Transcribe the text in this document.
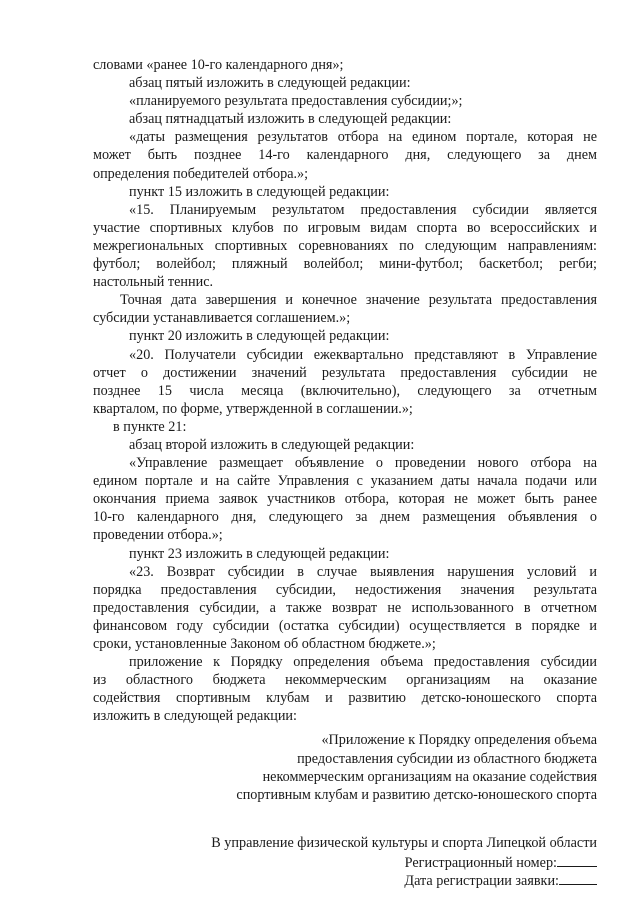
словами «ранее 10-го календарного дня»;
абзац пятый изложить в следующей редакции:
«планируемого результата предоставления субсидии;»;
абзац пятнадцатый изложить в следующей редакции:
«даты размещения результатов отбора на едином портале, которая не
может быть позднее 14-го календарного дня, следующего за днем
определения победителей отбора.»;
пункт 15 изложить в следующей редакции:
«15. Планируемым результатом предоставления субсидии является
участие спортивных клубов по игровым видам спорта во всероссийских и
межрегиональных спортивных соревнованиях по следующим направлениям:
футбол; волейбол; пляжный волейбол; мини-футбол; баскетбол; регби;
настольный теннис.
Точная дата завершения и конечное значение результата предоставления
субсидии устанавливается соглашением.»;
пункт 20 изложить в следующей редакции:
«20. Получатели субсидии ежеквартально представляют в Управление
отчет о достижении значений результата предоставления субсидии не
позднее 15 числа месяца (включительно), следующего за отчетным
кварталом, по форме, утвержденной в соглашении.»;
в пункте 21:
абзац второй изложить в следующей редакции:
«Управление размещает объявление о проведении нового отбора на
едином портале и на сайте Управления с указанием даты начала подачи или
окончания приема заявок участников отбора, которая не может быть ранее
10-го календарного дня, следующего за днем размещения объявления о
проведении отбора.»;
пункт 23 изложить в следующей редакции:
«23. Возврат субсидии в случае выявления нарушения условий и
порядка предоставления субсидии, недостижения значения результата
предоставления субсидии, а также возврат не использованного в отчетном
финансовом году субсидии (остатка субсидии) осуществляется в порядке и
сроки, установленные Законом об областном бюджете.»;
приложение к Порядку определения объема предоставления субсидии
из областного бюджета некоммерческим организациям на оказание
содействия спортивным клубам и развитию детско-юношеского спорта
изложить в следующей редакции:
«Приложение к Порядку определения объема
предоставления субсидии из областного бюджета
некоммерческим организациям на оказание содействия
спортивным клубам и развитию детско-юношеского спорта
В управление физической культуры и спорта Липецкой области
Регистрационный номер:
Дата регистрации заявки:
